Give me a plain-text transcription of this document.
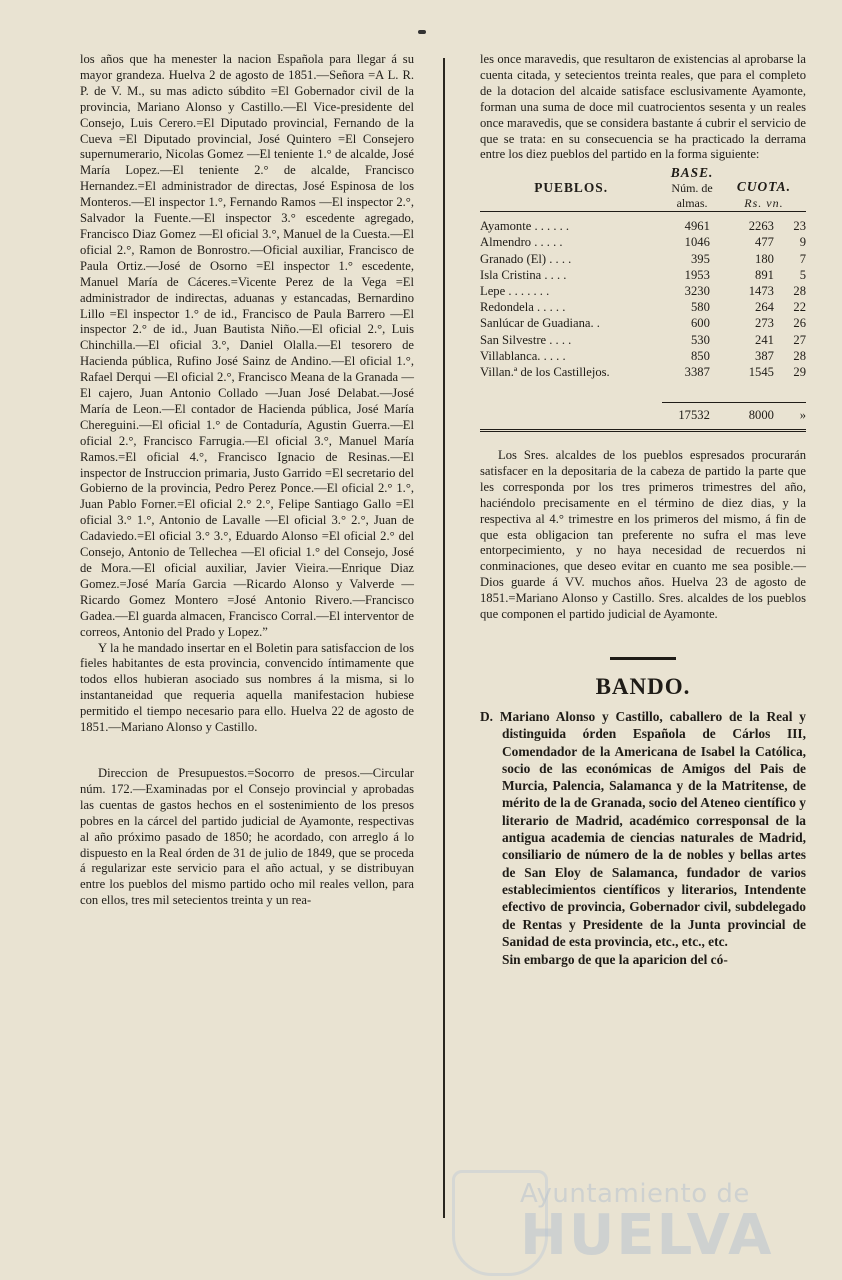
los años que ha menester la nacion Española para llegar á su mayor grandeza. Huelva 2 de agosto de 1851.—Señora =A L. R. P. de V. M., su mas adicto súbdito =El Gobernador civil de la provincia, Mariano Alonso y Castillo.—El Vice-presidente del Consejo, Luis Cerero.=El Diputado provincial, Fernando de la Cueva =El Diputado provincial, José Quintero =El Consejero supernumerario, Nicolas Gomez —El teniente 1.° de alcalde, José María Lopez.—El teniente 2.° de alcalde, Francisco Hernandez.=El administrador de directas, José Espinosa de los Monteros.—El inspector 1.°, Fernando Ramos —El inspector 2.°, Salvador la Fuente.—El inspector 3.° escedente agregado, Francisco Diaz Gomez —El oficial 3.°, Manuel de la Cuesta.—El oficial 2.°, Ramon de Bonrostro.—Oficial auxiliar, Francisco de Paula Ortiz.—José de Osorno =El inspector 1.° escedente, Manuel María de Cáceres.=Vicente Perez de la Vega =El administrador de indirectas, aduanas y estancadas, Bernardino Lillo =El inspector 1.° de id., Francisco de Paula Barrero —El inspector 2.° de id., Juan Bautista Niño.—El oficial 2.°, Luis Chinchilla.—El oficial 3.°, Daniel Olalla.—El tesorero de Hacienda pública, Rufino José Sainz de Andino.—El oficial 1.°, Rafael Derqui —El oficial 2.°, Francisco Meana de la Granada —El cajero, Juan Antonio Collado —Juan José Delabat.—José María de Leon.—El contador de Hacienda pública, José María Chereguini.—El oficial 1.° de Contaduría, Agustin Guerra.—El oficial 2.°, Francisco Farrugia.—El oficial 3.°, Manuel María Ramos.=El oficial 4.°, Francisco Ignacio de Resinas.—El inspector de Instruccion primaria, Justo Garrido =El secretario del Gobierno de la provincia, Pedro Perez Ponce.—El oficial 2.° 1.°, Juan Pablo Forner.=El oficial 2.° 2.°, Felipe Santiago Gallo =El oficial 3.° 1.°, Antonio de Lavalle —El oficial 3.° 2.°, Juan de Cadaviedo.=El oficial 3.° 3.°, Eduardo Alonso =El oficial 2.° del Consejo, Antonio de Tellechea —El oficial 1.° del Consejo, José de Mora.—El oficial auxiliar, Javier Vieira.—Enrique Diaz Gomez.=José María Garcia —Ricardo Alonso y Valverde —Ricardo Gomez Montero =José Antonio Rivero.—Francisco Gadea.—El guarda almacen, Francisco Corral.—El interventor de correos, Antonio del Prado y Lopez.”

Y la he mandado insertar en el Boletin para satisfaccion de los fieles habitantes de esta provincia, convencido íntimamente que todos ellos hubieran asociado sus nombres á la misma, si lo instantaneidad que requeria aquella manifestacion hubiese permitido el tiempo necesario para ello. Huelva 22 de agosto de 1851.—Mariano Alonso y Castillo.

Direccion de Presupuestos.=Socorro de presos.—Circular núm. 172.—Examinadas por el Consejo provincial y aprobadas las cuentas de gastos hechos en el sostenimiento de los presos pobres en la cárcel del partido judicial de Ayamonte, respectivas al año próximo pasado de 1850; he acordado, con arreglo á lo dispuesto en la Real órden de 31 de julio de 1849, que se proceda á regularizar este servicio para el año actual, y se distribuyan entre los pueblos del mismo partido ocho mil reales vellon, para con ellos, tres mil setecientos treinta y un rea-

les once maravedis, que resultaron de existencias al aprobarse la cuenta citada, y setecientos treinta reales, que para el completo de la dotacion del alcaide satisface esclusivamente Ayamonte, forman una suma de doce mil cuatrocientos sesenta y un reales once maravedis, que se considera bastante á cubrir el servicio de que se trata: en su consecuencia se ha practicado la derrama entre los diez pueblos del partido en la forma siguiente:

PUEBLOS.	BASE.	CUOTA.
Rs. vn.	
	Núm. de almas.		

Ayamonte . . . . . .	4961	2263	23
Almendro . . . . .	1046	477	9
Granado (El) . . . .	395	180	7
Isla Cristina . . . .	1953	891	5
Lepe . . . . . . .	3230	1473	28
Redondela . . . . .	580	264	22
Sanlúcar de Guadiana. .	600	273	26
San Silvestre . . . .	530	241	27
Villablanca. . . . .	850	387	28
Villan.ª de los Castillejos.	3387	1545	29

	17532	8000	»

Los Sres. alcaldes de los pueblos espresados procurarán satisfacer en la depositaria de la cabeza de partido la parte que les corresponda por los tres primeros trimestres del año, haciéndolo precisamente en el término de diez dias, y la respectiva al 4.° trimestre en los primeros del mismo, á fin de que esta obligacion tan preferente no sufra el mas leve entorpecimiento, y no haya necesidad de recuerdos ni conminaciones, que deseo evitar en cuanto me sea posible.—Dios guarde á VV. muchos años. Huelva 23 de agosto de 1851.=Mariano Alonso y Castillo. Sres. alcaldes de los pueblos que componen el partido judicial de Ayamonte.

BANDO.

D. Mariano Alonso y Castillo, caballero de la Real y distinguida órden Española de Cárlos III, Comendador de la Americana de Isabel la Católica, socio de las económicas de Amigos del Pais de Murcia, Palencia, Salamanca y de la Matritense, de mérito de la de Granada, socio del Ateneo científico y literario de Madrid, académico corresponsal de la antigua academia de ciencias naturales de Madrid, consiliario de número de la de nobles y bellas artes de San Eloy de Salamanca, fundador de varios establecimientos científicos y literarios, Intendente efectivo de provincia, Gobernador civil, subdelegado de Rentas y Presidente de la Junta provincial de Sanidad de esta provincia, etc., etc., etc.

Sin embargo de que la aparicion del có-

Ayuntamiento de
HUELVA
